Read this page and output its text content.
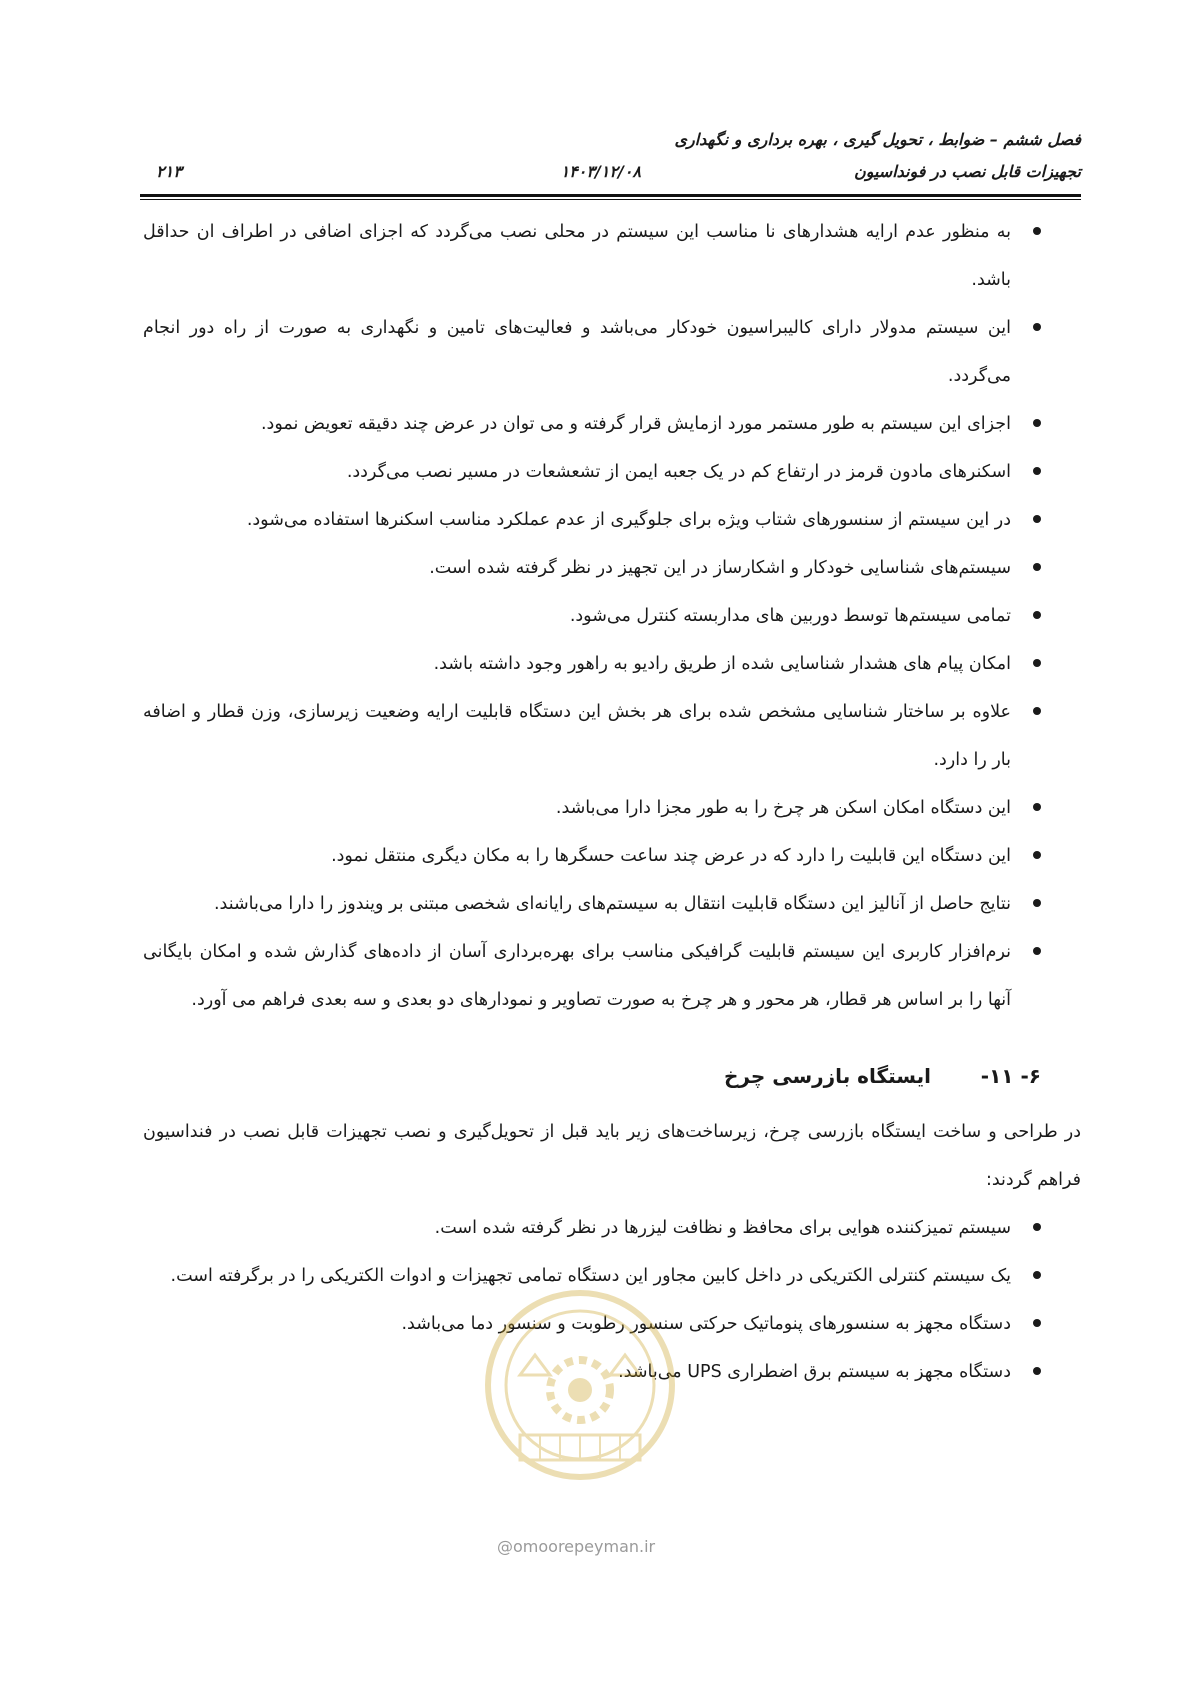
فصل ششم – ضوابط ، تحویل گیری ، بهره برداری و نگهداری
تجهیزات قابل نصب در فونداسیون
۱۴۰۳/۱۲/۰۸
۲۱۳
به منظور عدم ارایه هشدارهای نا مناسب این سیستم در محلی نصب می‌گردد که اجزای اضافی در اطراف ان حداقل باشد.
این سیستم مدولار دارای کالیبراسیون خودکار می‌باشد و فعالیت‌های تامین و نگهداری به صورت از راه دور انجام می‌گردد.
اجزای این سیستم به طور مستمر مورد ازمایش قرار گرفته و می توان در عرض چند دقیقه تعویض نمود.
اسکنرهای مادون قرمز در ارتفاع کم در یک جعبه ایمن از تشعشعات در مسیر نصب می‌گردد.
در این سیستم از سنسورهای شتاب ویژه برای جلوگیری از عدم عملکرد مناسب اسکنرها استفاده می‌شود.
سیستم‌های شناسایی خودکار و اشکارساز در این تجهیز در نظر گرفته شده است.
تمامی سیستم‌ها توسط دوربین های مداربسته کنترل می‌شود.
امکان پیام های هشدار شناسایی شده از طریق رادیو به راهور وجود داشته باشد.
علاوه بر ساختار شناسایی مشخص شده برای هر بخش این دستگاه قابلیت ارایه وضعیت زیرسازی، وزن قطار و اضافه بار را دارد.
این دستگاه امکان اسکن هر چرخ را به طور مجزا دارا می‌باشد.
این دستگاه این قابلیت را دارد که در عرض چند ساعت حسگرها را به مکان دیگری منتقل نمود.
نتایج حاصل از آنالیز این دستگاه قابلیت انتقال به سیستم‌های رایانه‌ای شخصی مبتنی بر ویندوز را دارا می‌باشند.
نرم‌افزار کاربری این سیستم قابلیت گرافیکی مناسب برای بهره‌برداری آسان از داده‌های گذارش شده و امکان بایگانی آنها را بر اساس هر قطار، هر محور و هر چرخ به صورت تصاویر و نمودارهای دو بعدی و سه بعدی فراهم می آورد.
۶- ۱۱-
ایستگاه بازرسی چرخ
در طراحی و ساخت ایستگاه بازرسی چرخ، زیرساخت‌های زیر باید قبل از تحویل‌گیری و نصب تجهیزات قابل نصب در فنداسیون فراهم گردند:
سیستم تمیزکننده هوایی برای محافظ و نظافت لیزرها در نظر گرفته شده است.
یک سیستم کنترلی الکتریکی در داخل کابین مجاور این دستگاه تمامی تجهیزات و ادوات الکتریکی را در برگرفته است.
دستگاه مجهز به سنسورهای پنوماتیک حرکتی سنسور رطوبت و سنسور دما می‌باشد.
دستگاه مجهز به سیستم برق اضطراری UPS می‌باشد.
@omoorepeyman.ir
